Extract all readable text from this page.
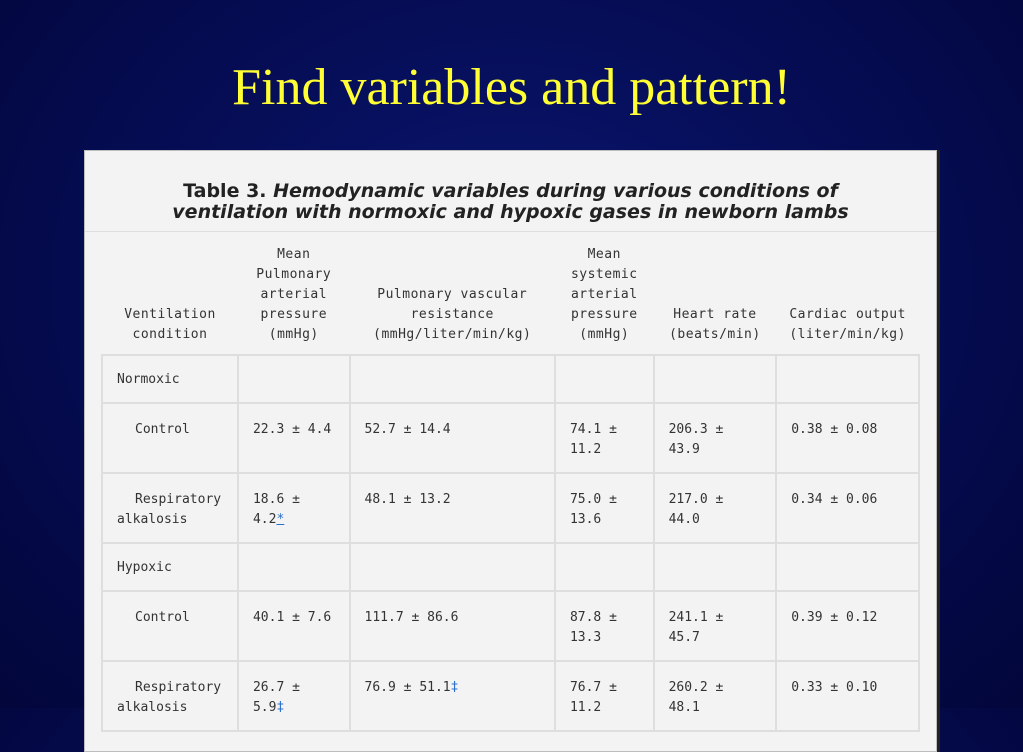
Find variables and pattern!
Table 3. Hemodynamic variables during various conditions of ventilation with normoxic and hypoxic gases in newborn lambs
Ventilation condition	Mean Pulmonary arterial pressure (mmHg)	Pulmonary vascular resistance (mmHg/liter/min/kg)	Mean systemic arterial pressure (mmHg)	Heart rate (beats/min)	Cardiac output (liter/min/kg)
Normoxic					
Control	22.3 ± 4.4	52.7 ± 14.4	74.1 ± 11.2	206.3 ± 43.9	0.38 ± 0.08
Respiratory alkalosis	18.6 ± 4.2*	48.1 ± 13.2	75.0 ± 13.6	217.0 ± 44.0	0.34 ± 0.06
Hypoxic					
Control	40.1 ± 7.6	111.7 ± 86.6	87.8 ± 13.3	241.1 ± 45.7	0.39 ± 0.12
Respiratory alkalosis	26.7 ± 5.9‡	76.9 ± 51.1‡	76.7 ± 11.2	260.2 ± 48.1	0.33 ± 0.10
